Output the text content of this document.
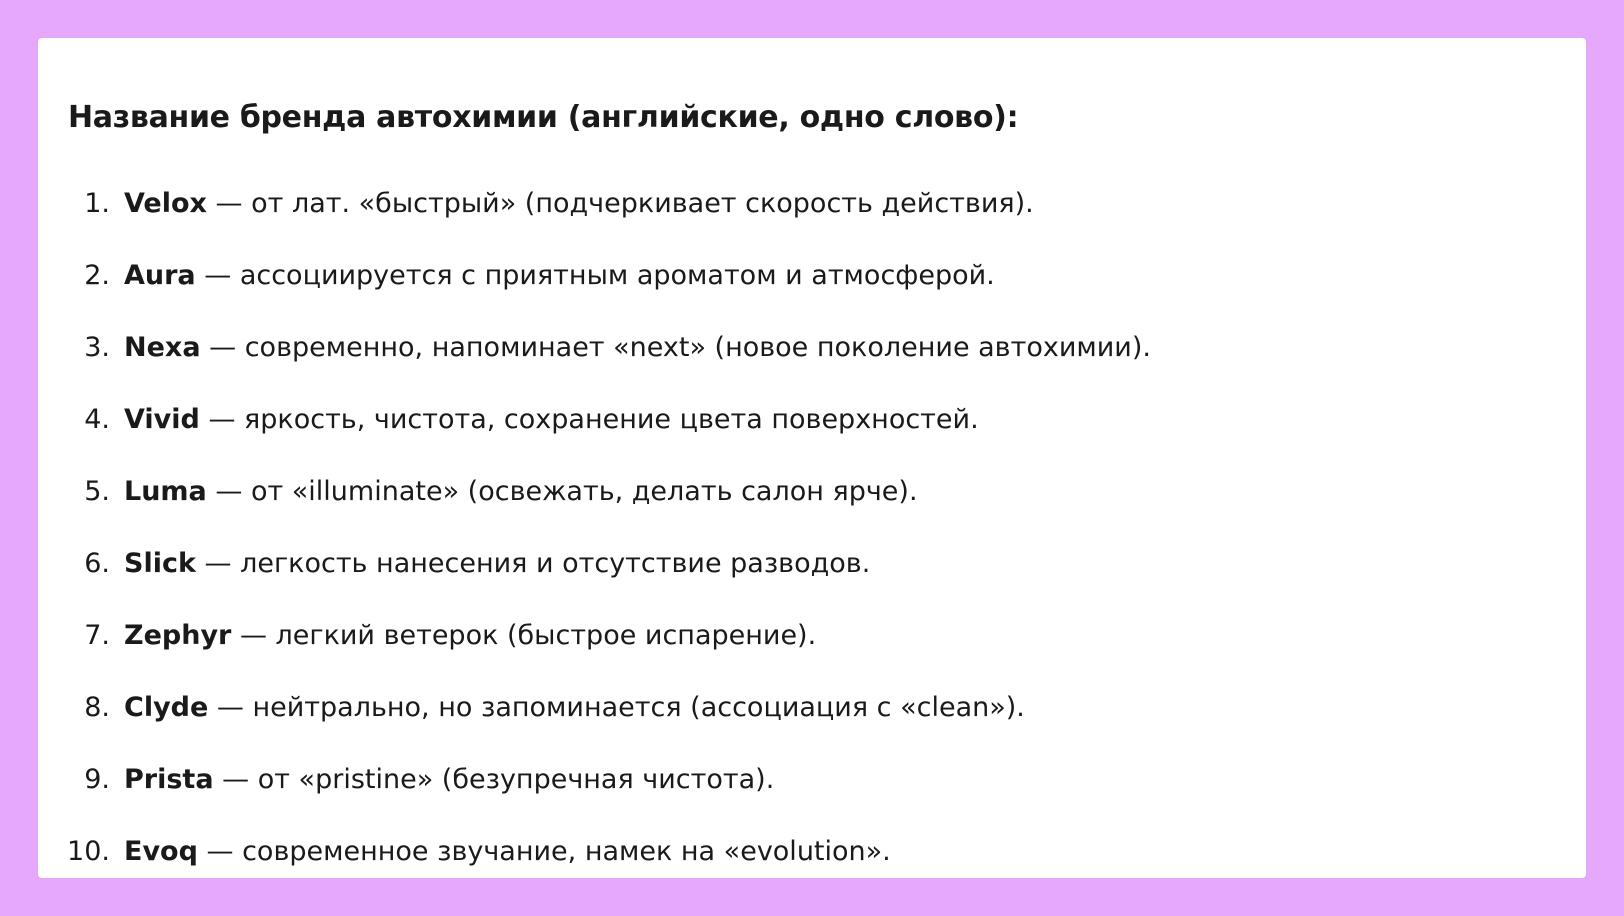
Название бренда автохимии (английские, одно слово):
1. Velox — от лат. «быстрый» (подчеркивает скорость действия).
2. Aura — ассоциируется с приятным ароматом и атмосферой.
3. Nexa — современно, напоминает «next» (новое поколение автохимии).
4. Vivid — яркость, чистота, сохранение цвета поверхностей.
5. Luma — от «illuminate» (освежать, делать салон ярче).
6. Slick — легкость нанесения и отсутствие разводов.
7. Zephyr — легкий ветерок (быстрое испарение).
8. Clyde — нейтрально, но запоминается (ассоциация с «clean»).
9. Prista — от «pristine» (безупречная чистота).
10. Evoq — современное звучание, намек на «evolution».
